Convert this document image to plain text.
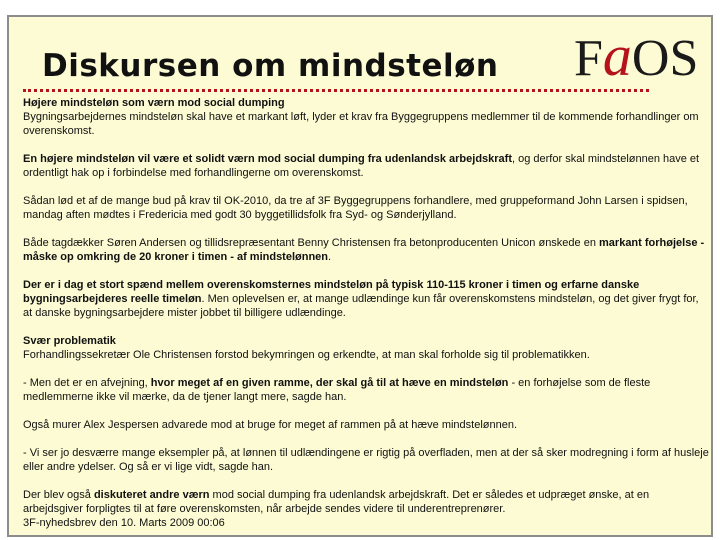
Diskursen om mindsteløn FaOS

Højere mindsteløn som værn mod social dumping
Bygningsarbejdernes mindsteløn skal have et markant løft, lyder et krav fra Byggegruppens medlemmer til de kommende forhandlinger om overenskomst.

En højere mindsteløn vil være et solidt værn mod social dumping fra udenlandsk arbejdskraft, og derfor skal mindstelønnen have et ordentligt hak op i forbindelse med forhandlingerne om overenskomst.

Sådan lød et af de mange bud på krav til OK-2010, da tre af 3F Byggegruppens forhandlere, med gruppeformand John Larsen i spidsen, mandag aften mødtes i Fredericia med godt 30 byggetillidsfolk fra Syd- og Sønderjylland.

Både tagdækker Søren Andersen og tillidsrepræsentant Benny Christensen fra betonproducenten Unicon ønskede en markant forhøjelse - måske op omkring de 20 kroner i timen - af mindstelønnen.

Der er i dag et stort spænd mellem overenskomsternes mindsteløn på typisk 110-115 kroner i timen og erfarne danske bygningsarbejderes reelle timeløn. Men oplevelsen er, at mange udlændinge kun får overenskomstens mindsteløn, og det giver frygt for, at danske bygningsarbejdere mister jobbet til billigere udlændinge.

Svær problematik
Forhandlingssekretær Ole Christensen forstod bekymringen og erkendte, at man skal forholde sig til problematikken.

- Men det er en afvejning, hvor meget af en given ramme, der skal gå til at hæve en mindsteløn - en forhøjelse som de fleste medlemmerne ikke vil mærke, da de tjener langt mere, sagde han.

Også murer Alex Jespersen advarede mod at bruge for meget af rammen på at hæve mindstelønnen.

- Vi ser jo desværre mange eksempler på, at lønnen til udlændingene er rigtig på overfladen, men at der så sker modregning i form af husleje eller andre ydelser. Og så er vi lige vidt, sagde han.

Der blev også diskuteret andre værn mod social dumping fra udenlandsk arbejdskraft. Det er således et udpræget ønske, at en arbejdsgiver forpligtes til at føre overenskomsten, når arbejde sendes videre til underentreprenører.
3F-nyhedsbrev den 10. Marts 2009 00:06
